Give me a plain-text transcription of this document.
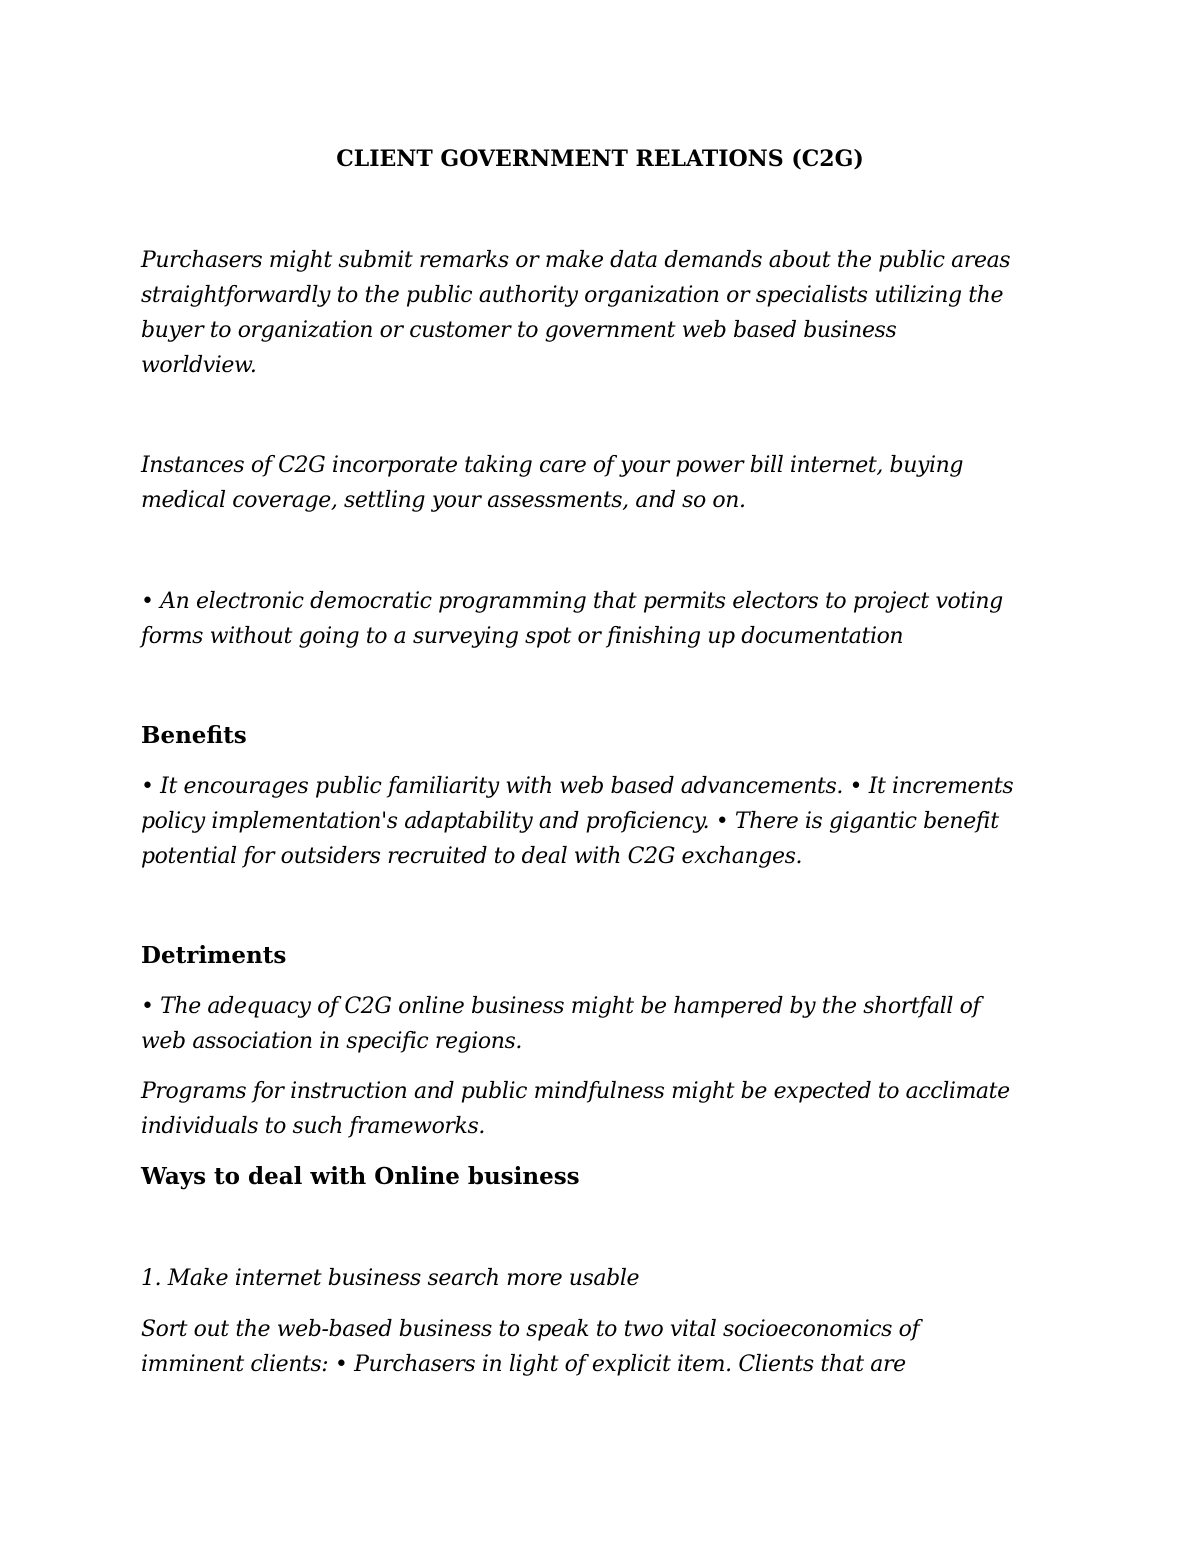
CLIENT GOVERNMENT RELATIONS (C2G)

Purchasers might submit remarks or make data demands about the public areas
straightforwardly to the public authority organization or specialists utilizing the
buyer to organization or customer to government web based business
worldview.

Instances of C2G incorporate taking care of your power bill internet, buying
medical coverage, settling your assessments, and so on.

• An electronic democratic programming that permits electors to project voting
forms without going to a surveying spot or finishing up documentation

Benefits

• It encourages public familiarity with web based advancements. • It increments
policy implementation's adaptability and proficiency. • There is gigantic benefit
potential for outsiders recruited to deal with C2G exchanges.

Detriments

• The adequacy of C2G online business might be hampered by the shortfall of
web association in specific regions.

Programs for instruction and public mindfulness might be expected to acclimate
individuals to such frameworks.

Ways to deal with Online business

1. Make internet business search more usable

Sort out the web-based business to speak to two vital socioeconomics of
imminent clients: • Purchasers in light of explicit item. Clients that are
